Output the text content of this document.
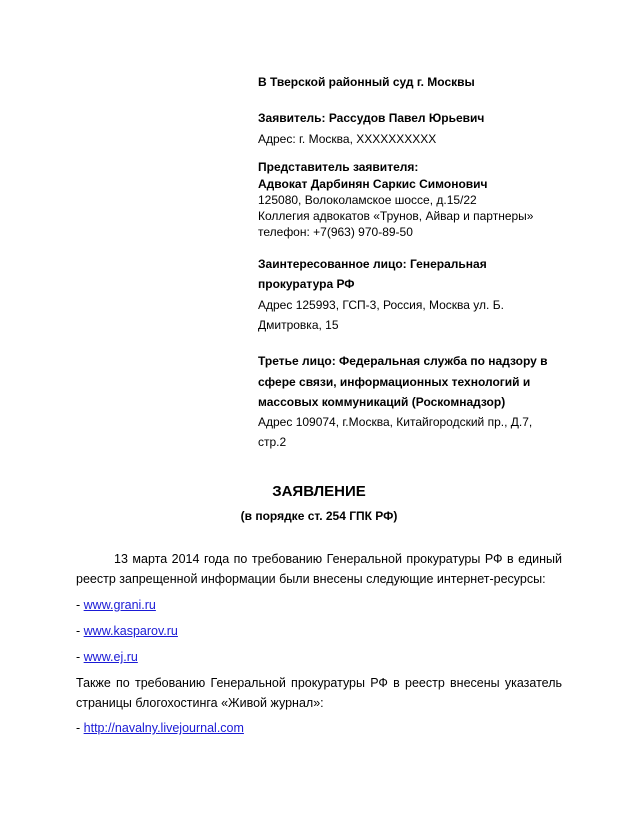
В Тверской районный суд г. Москвы
Заявитель: Рассудов Павел Юрьевич
Адрес: г. Москва, XXXXXXXXXX
Представитель заявителя:
Адвокат Дарбинян Саркис Симонович
125080, Волоколамское шоссе, д.15/22
Коллегия адвокатов «Трунов, Айвар и партнеры»
телефон: +7(963) 970-89-50
Заинтересованное лицо: Генеральная
прокуратура РФ
Адрес 125993, ГСП-3, Россия, Москва ул. Б.
Дмитровка, 15
Третье лицо: Федеральная служба по надзору в
сфере связи, информационных технологий и
массовых коммуникаций (Роскомнадзор)
Адрес 109074, г.Москва, Китайгородский пр., Д.7,
стр.2
ЗАЯВЛЕНИЕ
(в порядке ст. 254 ГПК РФ)
13 марта 2014 года по требованию Генеральной прокуратуры РФ в единый
реестр запрещенной информации были внесены следующие интернет-ресурсы:
- www.grani.ru
- www.kasparov.ru
- www.ej.ru
Также по требованию Генеральной прокуратуры РФ в реестр внесены указатель
страницы блогохостинга «Живой журнал»:
- http://navalny.livejournal.com
